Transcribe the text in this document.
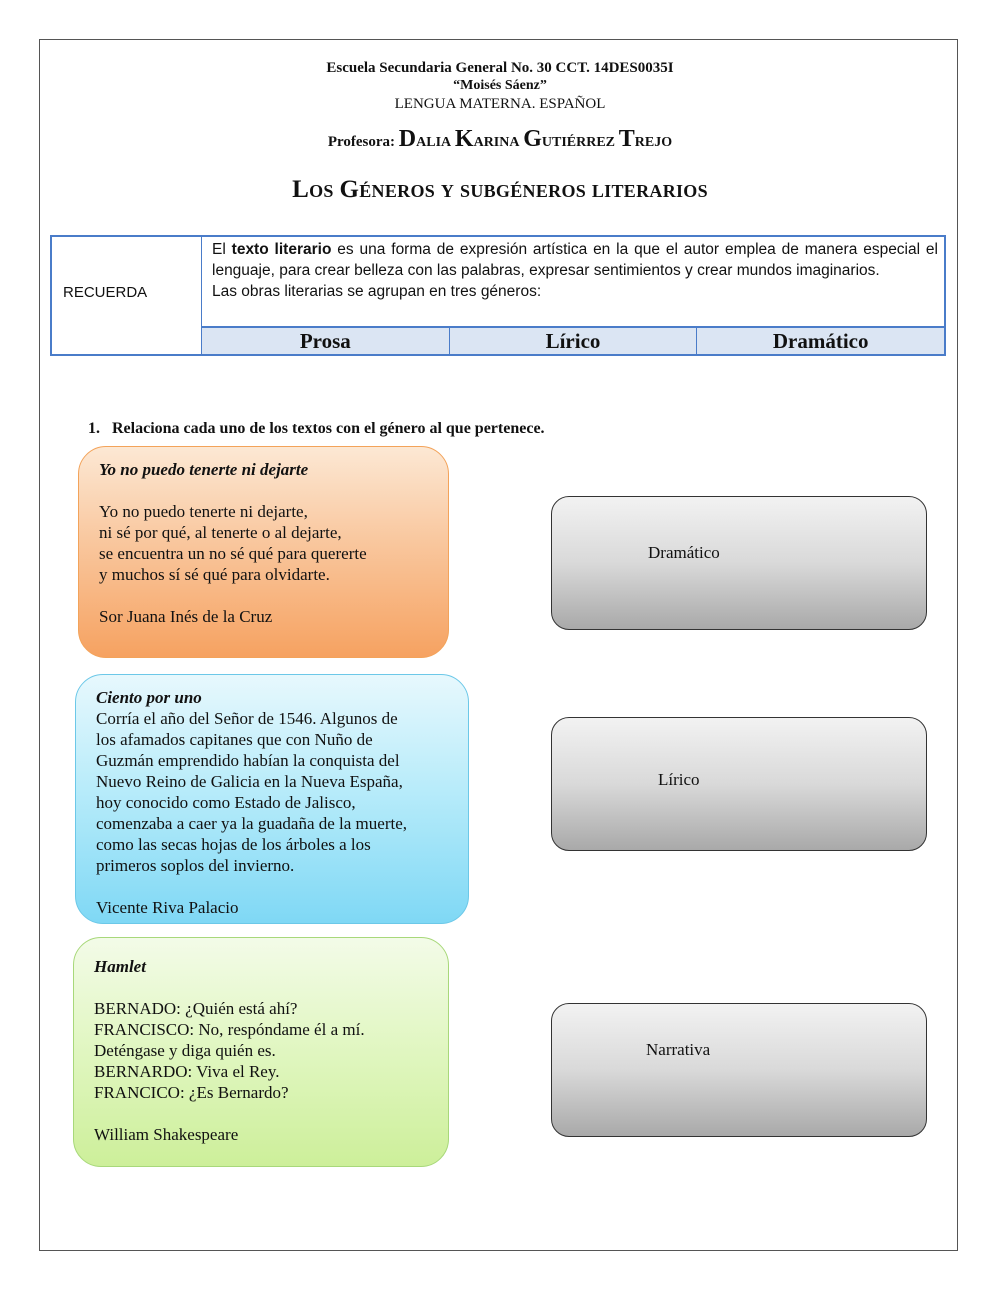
Escuela Secundaria General No. 30 CCT. 14DES0035I
“Moisés Sáenz”
LENGUA MATERNA. ESPAÑOL
Profesora: DALIA KARINA GUTIÉRREZ TREJO
LOS GÉNEROS Y SUBGÉNEROS LITERARIOS
RECUERDA
El texto literario es una forma de expresión artística en la que el autor emplea de manera especial el lenguaje, para crear belleza con las palabras, expresar sentimientos y crear mundos imaginarios.
Las obras literarias se agrupan en tres géneros:
Prosa	Lírico	Dramático
1. Relaciona cada uno de los textos con el género al que pertenece.
Yo no puedo tenerte ni dejarte
Yo no puedo tenerte ni dejarte,
ni sé por qué, al tenerte o al dejarte,
se encuentra un no sé qué para quererte
y muchos sí sé qué para olvidarte.
Sor Juana Inés de la Cruz
Ciento por uno
Corría el año del Señor de 1546. Algunos de
los afamados capitanes que con Nuño de
Guzmán emprendido habían la conquista del
Nuevo Reino de Galicia en la Nueva España,
hoy conocido como Estado de Jalisco,
comenzaba a caer ya la guadaña de la muerte,
como las secas hojas de los árboles a los
primeros soplos del invierno.
Vicente Riva Palacio
Hamlet
BERNADO: ¿Quién está ahí?
FRANCISCO: No, respóndame él a mí.
Deténgase y diga quién es.
BERNARDO: Viva el Rey.
FRANCICO: ¿Es Bernardo?
William Shakespeare
Dramático
Lírico
Narrativa
